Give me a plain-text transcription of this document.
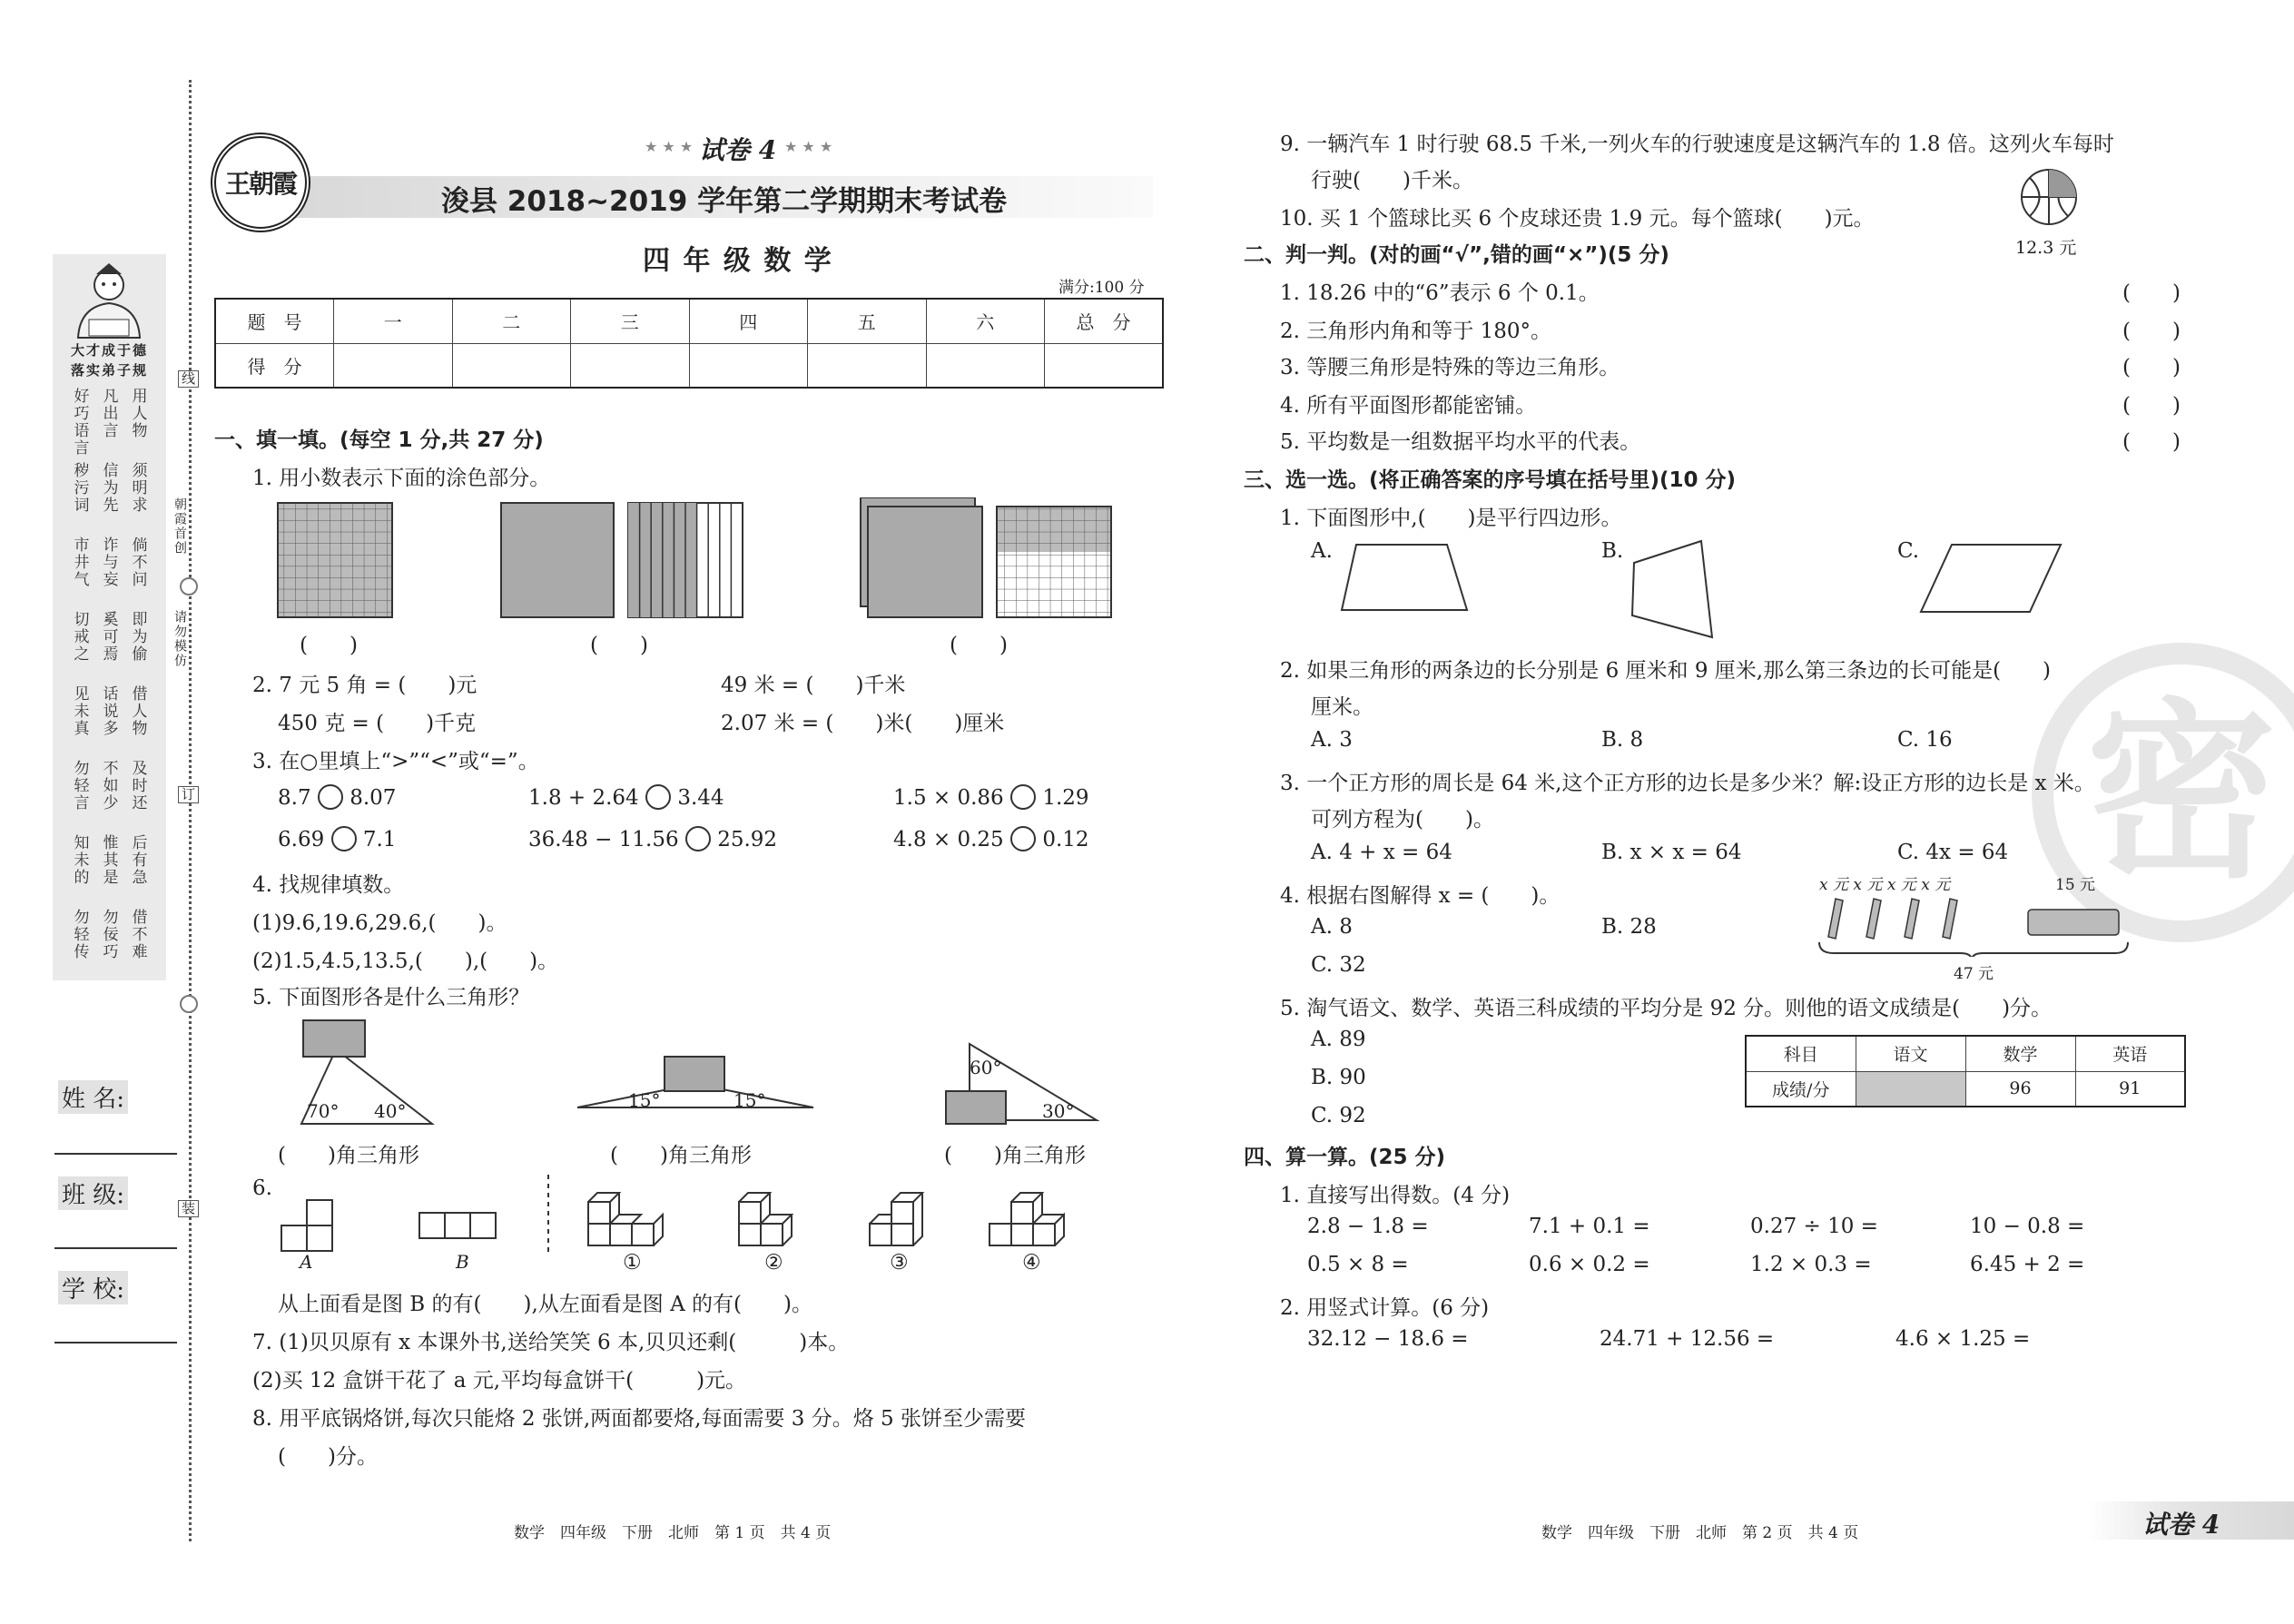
大才成于德
落实弟子规
好
巧
语
言
凡
出
言
用
人
物
秽
污
词
信
为
先
须
明
求
市
井
气
诈
与
妄
倘
不
问
切
戒
之
奚
可
焉
即
为
偷
见
未
真
话
说
多
借
人
物
勿
轻
言
不
如
少
及
时
还
知
未
的
惟
其
是
后
有
急
勿
轻
传
勿
佞
巧
借
不
难
线
订
装
朝霞首创
请勿模仿
姓 名:
班 级:
学 校:
王朝霞
★ ★ ★ 试卷 4 ★ ★ ★
浚县 2018~2019 学年第二学期期末考试卷
四 年 级 数 学
满分:100 分
题　号	一	二	三	四	五	六	总　分
得　分							
一、填一填。(每空 1 分,共 27 分)
1. 用小数表示下面的涂色部分。
(　　)	(　　)	(　　)
2. 7 元 5 角 = (　　)元	49 米 = (　　)千米
450 克 = (　　)千克	2.07 米 = (　　)米(　　)厘米
3. 在○里填上“>”“<”或“=”。
8.7 8.07	1.8 + 2.64 3.44	1.5 × 0.86 1.29
6.69 7.1	36.48 − 11.56 25.92	4.8 × 0.25 0.12
4. 找规律填数。
(1)9.6,19.6,29.6,(　　)。
(2)1.5,4.5,13.5,(　　),(　　)。
5. 下面图形各是什么三角形？
70° 40°	15°	15°
60°
30°
(　　)角三角形	(　　)角三角形	(　　)角三角形
6.
A	B	①	②	③	④
从上面看是图 B 的有(　　),从左面看是图 A 的有(　　)。
7. (1)贝贝原有 x 本课外书,送给笑笑 6 本,贝贝还剩(　　　)本。
(2)买 12 盒饼干花了 a 元,平均每盒饼干(　　　)元。
8. 用平底锅烙饼,每次只能烙 2 张饼,两面都要烙,每面需要 3 分。烙 5 张饼至少需要
(　　)分。
数学　四年级　下册　北师　第 1 页　共 4 页
密
9. 一辆汽车 1 时行驶 68.5 千米,一列火车的行驶速度是这辆汽车的 1.8 倍。这列火车每时
行驶(　　)千米。
10. 买 1 个篮球比买 6 个皮球还贵 1.9 元。每个篮球(　　)元。
12.3 元
二、判一判。(对的画“√”,错的画“×”)(5 分)
1. 18.26 中的“6”表示 6 个 0.1。
2. 三角形内角和等于 180°。
3. 等腰三角形是特殊的等边三角形。
4. 所有平面图形都能密铺。
5. 平均数是一组数据平均水平的代表。
(　　)
(　　)
(　　)
(　　)
(　　)
三、选一选。(将正确答案的序号填在括号里)(10 分)
1. 下面图形中,(　　)是平行四边形。
A.	B.	C.
2. 如果三角形的两条边的长分别是 6 厘米和 9 厘米,那么第三条边的长可能是(　　)
厘米。
A. 3	B. 8	C. 16
3. 一个正方形的周长是 64 米,这个正方形的边长是多少米？解:设正方形的边长是 x 米。
可列方程为(　　)。
A. 4 + x = 64	B. x × x = 64	C. 4x = 64
4. 根据右图解得 x = (　　)。
A. 8	B. 28
C. 32
x 元 x 元 x 元 x 元	15 元
47 元
5. 淘气语文、数学、英语三科成绩的平均分是 92 分。则他的语文成绩是(　　)分。
A. 89
B. 90
C. 92
科目	语文	数学	英语
成绩/分		96	91
四、算一算。(25 分)
1. 直接写出得数。(4 分)
2.8 − 1.8 =	7.1 + 0.1 =	0.27 ÷ 10 =	10 − 0.8 =
0.5 × 8 =	0.6 × 0.2 =	1.2 × 0.3 =	6.45 + 2 =
2. 用竖式计算。(6 分)
32.12 − 18.6 =	24.71 + 12.56 =	4.6 × 1.25 =
数学　四年级　下册　北师　第 2 页　共 4 页	试卷 4
